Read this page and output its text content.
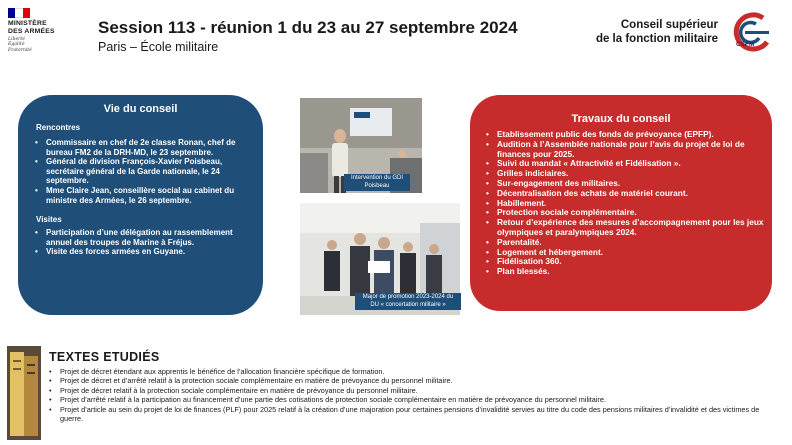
MINISTÈRE
DES ARMÉES
Liberté
Égalité
Fraternité
Session 113 - réunion 1 du 23 au 27 septembre 2024
Paris – École militaire
Conseil supérieur
de la fonction militaire	CSFM
Vie du conseil
Rencontres
• Commissaire en chef de 2e classe Ronan, chef de bureau FM2 de la DRH-MD, le 23 septembre.
• Général de division François-Xavier Poisbeau, secrétaire général de la Garde nationale, le 24 septembre.
• Mme Claire Jean, conseillère social au cabinet du ministre des Armées, le 26 septembre.
Visites
• Participation d’une délégation au rassemblement annuel des troupes de Marine à Fréjus.
• Visite des forces armées en Guyane.
Intervention du GDI Poisbeau
Major de promotion 2023-2024 du DU « concertation militaire »
Travaux du conseil
• Etablissement public des fonds de prévoyance (EPFP).
• Audition à l’Assemblée nationale pour l’avis du projet de loi de finances pour 2025.
• Suivi du mandat « Attractivité et Fidélisation ».
• Grilles indiciaires.
• Sur-engagement des militaires.
• Décentralisation des achats de matériel courant.
• Habillement.
• Protection sociale complémentaire.
• Retour d’expérience des mesures d’accompagnement pour les jeux olympiques et paralympiques 2024.
• Parentalité.
• Logement et hébergement.
• Fidélisation 360.
• Plan blessés.
TEXTES ETUDIÉS
• Projet de décret étendant aux apprentis le bénéfice de l’allocation financière spécifique de formation.
• Projet de décret et d’arrêté relatif à la protection sociale complémentaire en matière de prévoyance du personnel militaire.
• Projet de décret relatif à la protection sociale complémentaire en matière de prévoyance du personnel militaire.
• Projet d’arrêté relatif à la participation au financement d’une partie des cotisations de protection sociale complémentaire en matière de prévoyance du personnel militaire.
• Projet d’article au sein du projet de loi de finances (PLF) pour 2025 relatif à la création d’une majoration pour certaines pensions d’invalidité servies au titre du code des pensions militaires d’invalidité et des victimes de guerre.
